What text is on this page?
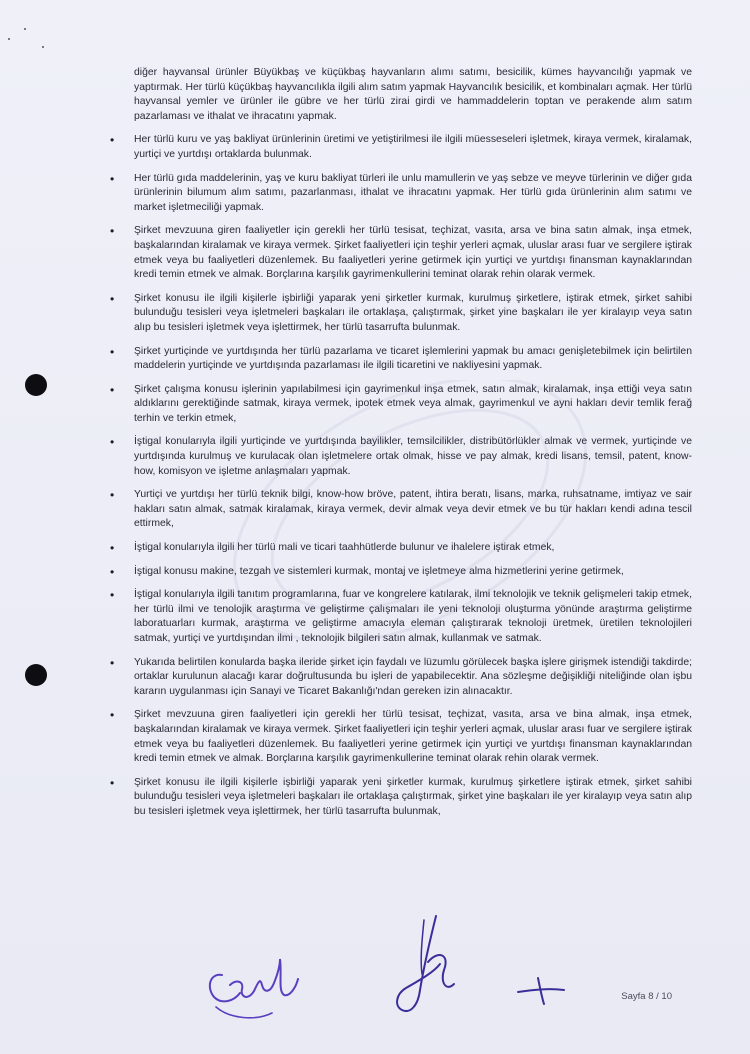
diğer hayvansal ürünler Büyükbaş ve küçükbaş hayvanların alımı satımı, besicilik, kümes hayvancılığı yapmak ve yaptırmak. Her türlü küçükbaş hayvancılıkla ilgili alım satım yapmak Hayvancılık besicilik, et kombinaları açmak. Her türlü hayvansal yemler ve ürünler ile gübre ve her türlü zirai girdi ve hammaddelerin toptan ve perakende alım satım pazarlaması ve ithalat ve ihracatını yapmak.
•	Her türlü kuru ve yaş bakliyat ürünlerinin üretimi ve yetiştirilmesi ile ilgili müesseseleri işletmek, kiraya vermek, kiralamak, yurtiçi ve yurtdışı ortaklarda bulunmak.
•	Her türlü gıda maddelerinin, yaş ve kuru bakliyat türleri ile unlu mamullerin ve yaş sebze ve meyve türlerinin ve diğer gıda ürünlerinin bilumum alım satımı, pazarlanması, ithalat ve ihracatını yapmak. Her türlü gıda ürünlerinin alım satımı ve market işletmeciliği yapmak.
•	Şirket mevzuuna giren faaliyetler için gerekli her türlü tesisat, teçhizat, vasıta, arsa ve bina satın almak, inşa etmek, başkalarından kiralamak ve kiraya vermek. Şirket faaliyetleri için teşhir yerleri açmak, uluslar arası fuar ve sergilere iştirak etmek veya bu faaliyetleri düzenlemek. Bu faaliyetleri yerine getirmek için yurtiçi ve yurtdışı finansman kaynaklarından kredi temin etmek ve almak. Borçlarına karşılık gayrimenkullerini teminat olarak rehin olarak vermek.
•	Şirket konusu ile ilgili kişilerle işbirliği yaparak yeni şirketler kurmak, kurulmuş şirketlere, iştirak etmek, şirket sahibi bulunduğu tesisleri veya işletmeleri başkaları ile ortaklaşa, çalıştırmak, şirket yine başkaları ile yer kiralayıp veya satın alıp bu tesisleri işletmek veya işlettirmek, her türlü tasarrufta bulunmak.
•	Şirket yurtiçinde ve yurtdışında her türlü pazarlama ve ticaret işlemlerini yapmak bu amacı genişletebilmek için belirtilen maddelerin yurtiçinde ve yurtdışında pazarlaması ile ilgili ticaretini ve nakliyesini yapmak.
•	Şirket çalışma konusu işlerinin yapılabilmesi için gayrimenkul inşa etmek, satın almak, kiralamak, inşa ettiği veya satın aldıklarını gerektiğinde satmak, kiraya vermek, ipotek etmek veya almak, gayrimenkul ve ayni hakları devir temlik ferağ terhin ve terkin etmek,
•	İştigal konularıyla ilgili yurtiçinde ve yurtdışında bayilikler, temsilcilikler, distribütörlükler almak ve vermek, yurtiçinde ve yurtdışında kurulmuş ve kurulacak olan işletmelere ortak olmak, hisse ve pay almak, kredi lisans, temsil, patent, know-how, komisyon ve işletme anlaşmaları yapmak.
•	Yurtiçi ve yurtdışı her türlü teknik bilgi, know-how bröve, patent, ihtira beratı, lisans, marka, ruhsatname, imtiyaz ve sair hakları satın almak, satmak kiralamak, kiraya vermek, devir almak veya devir etmek ve bu tür hakları kendi adına tescil ettirmek,
•	İştigal konularıyla ilgili her türlü mali ve ticari taahhütlerde bulunur ve ihalelere iştirak etmek,
•	İştigal konusu makine, tezgah ve sistemleri kurmak, montaj ve işletmeye alma hizmetlerini yerine getirmek,
•	İştigal konularıyla ilgili tanıtım programlarına, fuar ve kongrelere katılarak, ilmi teknolojik ve teknik gelişmeleri takip etmek, her türlü ilmi ve tenolojik araştırma ve geliştirme çalışmaları ile yeni teknoloji oluşturma yönünde araştırma geliştirme laboratuarları kurmak, araştırma ve geliştirme amacıyla eleman çalıştırarak teknoloji üretmek, üretilen teknolojileri satmak, yurtiçi ve yurtdışından ilmi , teknolojik bilgileri satın almak, kullanmak ve satmak.
•	Yukarıda belirtilen konularda başka ileride şirket için faydalı ve lüzumlu görülecek başka işlere girişmek istendiği takdirde; ortaklar kurulunun alacağı karar doğrultusunda bu işleri de yapabilecektir. Ana sözleşme değişikliği niteliğinde olan işbu kararın uygulanması için Sanayi ve Ticaret Bakanlığı'ndan gereken izin alınacaktır.
•	Şirket mevzuuna giren faaliyetleri için gerekli her türlü tesisat, teçhizat, vasıta, arsa ve bina almak, inşa etmek, başkalarından kiralamak ve kiraya vermek. Şirket faaliyetleri için teşhir yerleri açmak, uluslar arası fuar ve sergilere iştirak etmek veya bu faaliyetleri düzenlemek. Bu faaliyetleri yerine getirmek için yurtiçi ve yurtdışı finansman kaynaklarından kredi temin etmek ve almak. Borçlarına karşılık gayrimenkullerine teminat olarak rehin olarak vermek.
•	Şirket konusu ile ilgili kişilerle işbirliği yaparak yeni şirketler kurmak, kurulmuş şirketlere iştirak etmek, şirket sahibi bulunduğu tesisleri veya işletmeleri başkaları ile ortaklaşa çalıştırmak, şirket yine başkaları ile yer kiralayıp veya satın alıp bu tesisleri işletmek veya işlettirmek, her türlü tasarrufta bulunmak,
Sayfa 8 / 10
